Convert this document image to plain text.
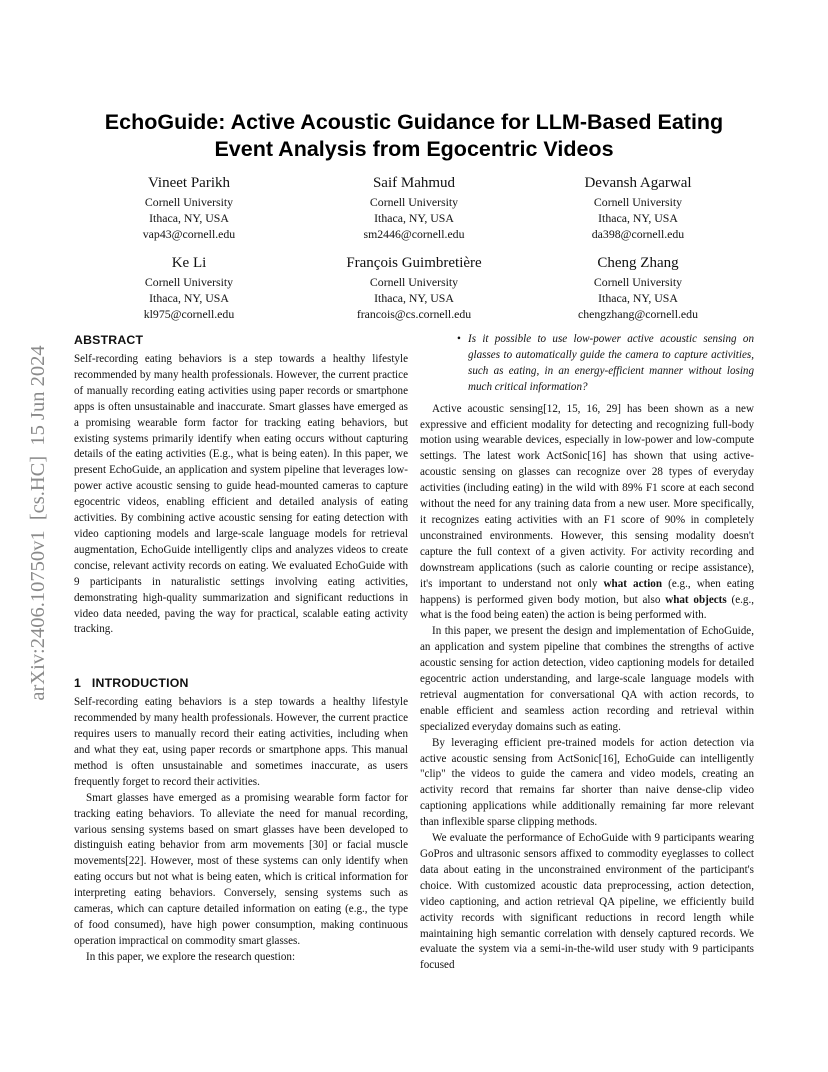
arXiv:2406.10750v1  [cs.HC]  15 Jun 2024
EchoGuide: Active Acoustic Guidance for LLM-Based Eating
Event Analysis from Egocentric Videos
Vineet Parikh
Cornell University
Ithaca, NY, USA
vap43@cornell.edu
Saif Mahmud
Cornell University
Ithaca, NY, USA
sm2446@cornell.edu
Devansh Agarwal
Cornell University
Ithaca, NY, USA
da398@cornell.edu
Ke Li
Cornell University
Ithaca, NY, USA
kl975@cornell.edu
François Guimbretière
Cornell University
Ithaca, NY, USA
francois@cs.cornell.edu
Cheng Zhang
Cornell University
Ithaca, NY, USA
chengzhang@cornell.edu
ABSTRACT

Self-recording eating behaviors is a step towards a healthy lifestyle recommended by many health professionals. However, the current practice of manually recording eating activities using paper records or smartphone apps is often unsustainable and inaccurate. Smart glasses have emerged as a promising wearable form factor for tracking eating behaviors, but existing systems primarily identify when eating occurs without capturing details of the eating activities (E.g., what is being eaten). In this paper, we present EchoGuide, an application and system pipeline that leverages low-power active acoustic sensing to guide head-mounted cameras to capture egocentric videos, enabling efficient and detailed analysis of eating activities. By combining active acoustic sensing for eating detection with video captioning models and large-scale language models for retrieval augmentation, EchoGuide intelligently clips and analyzes videos to create concise, relevant activity records on eating. We evaluated EchoGuide with 9 participants in naturalistic settings involving eating activities, demonstrating high-quality summarization and significant reductions in video data needed, paving the way for practical, scalable eating activity tracking.

1   INTRODUCTION

Self-recording eating behaviors is a step towards a healthy lifestyle recommended by many health professionals. However, the current practice requires users to manually record their eating activities, including when and what they eat, using paper records or smartphone apps. This manual method is often unsustainable and sometimes inaccurate, as users frequently forget to record their activities.

Smart glasses have emerged as a promising wearable form factor for tracking eating behaviors. To alleviate the need for manual recording, various sensing systems based on smart glasses have been developed to distinguish eating behavior from arm movements [30] or facial muscle movements[22]. However, most of these systems can only identify when eating occurs but not what is being eaten, which is critical information for interpreting eating behaviors. Conversely, sensing systems such as cameras, which can capture detailed information on eating (e.g., the type of food consumed), have high power consumption, making continuous operation impractical on commodity smart glasses.

In this paper, we explore the research question:

• Is it possible to use low-power active acoustic sensing on glasses to automatically guide the camera to capture activities, such as eating, in an energy-efficient manner without losing much critical information?

Active acoustic sensing[12, 15, 16, 29] has been shown as a new expressive and efficient modality for detecting and recognizing full-body motion using wearable devices, especially in low-power and low-compute settings. The latest work ActSonic[16] has shown that using active-acoustic sensing on glasses can recognize over 28 types of everyday activities (including eating) in the wild with 89% F1 score at each second without the need for any training data from a new user. More specifically, it recognizes eating activities with an F1 score of 90% in completely unconstrained environments. However, this sensing modality doesn't capture the full context of a given activity. For activity recording and downstream applications (such as calorie counting or recipe assistance), it's important to understand not only what action (e.g., when eating happens) is performed given body motion, but also what objects (e.g., what is the food being eaten) the action is being performed with.

In this paper, we present the design and implementation of EchoGuide, an application and system pipeline that combines the strengths of active acoustic sensing for action detection, video captioning models for detailed egocentric action understanding, and large-scale language models with retrieval augmentation for conversational QA with action records, to enable efficient and seamless action recording and retrieval within specialized everyday domains such as eating.

By leveraging efficient pre-trained models for action detection via active acoustic sensing from ActSonic[16], EchoGuide can intelligently "clip" the videos to guide the camera and video models, creating an activity record that remains far shorter than naive dense-clip video captioning applications while additionally remaining far more relevant than inflexible sparse clipping methods.

We evaluate the performance of EchoGuide with 9 participants wearing GoPros and ultrasonic sensors affixed to commodity eyeglasses to collect data about eating in the unconstrained environment of the participant's choice. With customized acoustic data preprocessing, action detection, video captioning, and action retrieval QA pipeline, we efficiently build activity records with significant reductions in record length while maintaining high semantic correlation with densely captured records. We evaluate the system via a semi-in-the-wild user study with 9 participants focused
